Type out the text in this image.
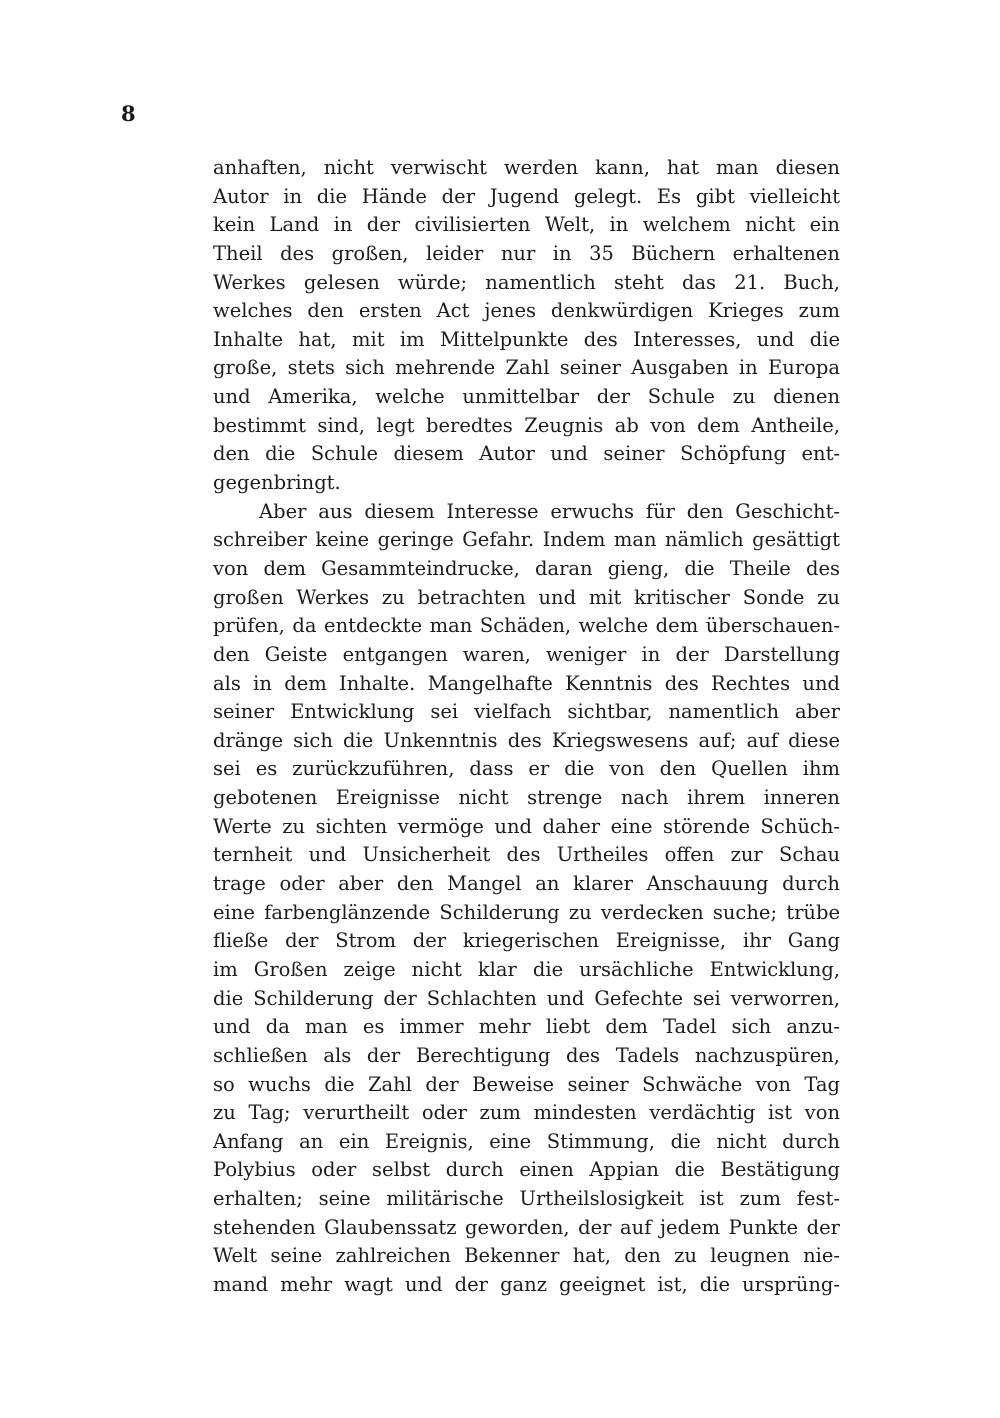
8
anhaften, nicht verwischt werden kann, hat man diesen
Autor in die Hände der Jugend gelegt. Es gibt vielleicht
kein Land in der civilisierten Welt, in welchem nicht ein
Theil des großen, leider nur in 35 Büchern erhaltenen
Werkes gelesen würde; namentlich steht das 21. Buch,
welches den ersten Act jenes denkwürdigen Krieges zum
Inhalte hat, mit im Mittelpunkte des Interesses, und die
große, stets sich mehrende Zahl seiner Ausgaben in Europa
und Amerika, welche unmittelbar der Schule zu dienen
bestimmt sind, legt beredtes Zeugnis ab von dem Antheile,
den die Schule diesem Autor und seiner Schöpfung ent-
gegenbringt.
Aber aus diesem Interesse erwuchs für den Geschicht-
schreiber keine geringe Gefahr. Indem man nämlich gesättigt
von dem Gesammteindrucke, daran gieng, die Theile des
großen Werkes zu betrachten und mit kritischer Sonde zu
prüfen, da entdeckte man Schäden, welche dem überschauen-
den Geiste entgangen waren, weniger in der Darstellung
als in dem Inhalte. Mangelhafte Kenntnis des Rechtes und
seiner Entwicklung sei vielfach sichtbar, namentlich aber
dränge sich die Unkenntnis des Kriegswesens auf; auf diese
sei es zurückzuführen, dass er die von den Quellen ihm
gebotenen Ereignisse nicht strenge nach ihrem inneren
Werte zu sichten vermöge und daher eine störende Schüch-
ternheit und Unsicherheit des Urtheiles offen zur Schau
trage oder aber den Mangel an klarer Anschauung durch
eine farbenglänzende Schilderung zu verdecken suche; trübe
fließe der Strom der kriegerischen Ereignisse, ihr Gang
im Großen zeige nicht klar die ursächliche Entwicklung,
die Schilderung der Schlachten und Gefechte sei verworren,
und da man es immer mehr liebt dem Tadel sich anzu-
schließen als der Berechtigung des Tadels nachzuspüren,
so wuchs die Zahl der Beweise seiner Schwäche von Tag
zu Tag; verurtheilt oder zum mindesten verdächtig ist von
Anfang an ein Ereignis, eine Stimmung, die nicht durch
Polybius oder selbst durch einen Appian die Bestätigung
erhalten; seine militärische Urtheilslosigkeit ist zum fest-
stehenden Glaubenssatz geworden, der auf jedem Punkte der
Welt seine zahlreichen Bekenner hat, den zu leugnen nie-
mand mehr wagt und der ganz geeignet ist, die ursprüng-
